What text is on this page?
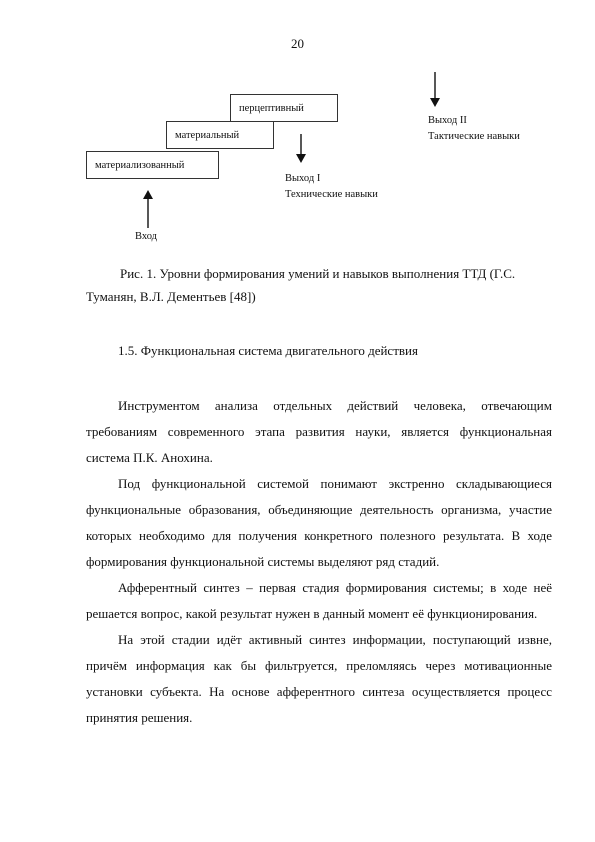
20
перцептивный
материальный
материализованный
Выход II
Тактические навыки
Выход I
Технические навыки
Вход
Рис. 1. Уровни формирования умений и навыков выполнения ТТД (Г.С. Туманян, В.Л. Дементьев [48])
1.5. Функциональная система двигательного действия

Инструментом анализа отдельных действий человека, отвечающим требованиям современного этапа развития науки, является функциональная система П.К. Анохина.

Под функциональной системой понимают экстренно складывающиеся функциональные образования, объединяющие деятельность организма, участие которых необходимо для получения конкретного полезного результата. В ходе формирования функциональной системы выделяют ряд стадий.

Афферентный синтез – первая стадия формирования системы; в ходе неё решается вопрос, какой результат нужен в данный момент её функционирования.

На этой стадии идёт активный синтез информации, поступающий извне, причём информация как бы фильтруется, преломляясь через мотивационные установки субъекта. На основе афферентного синтеза осуществляется процесс принятия решения.
